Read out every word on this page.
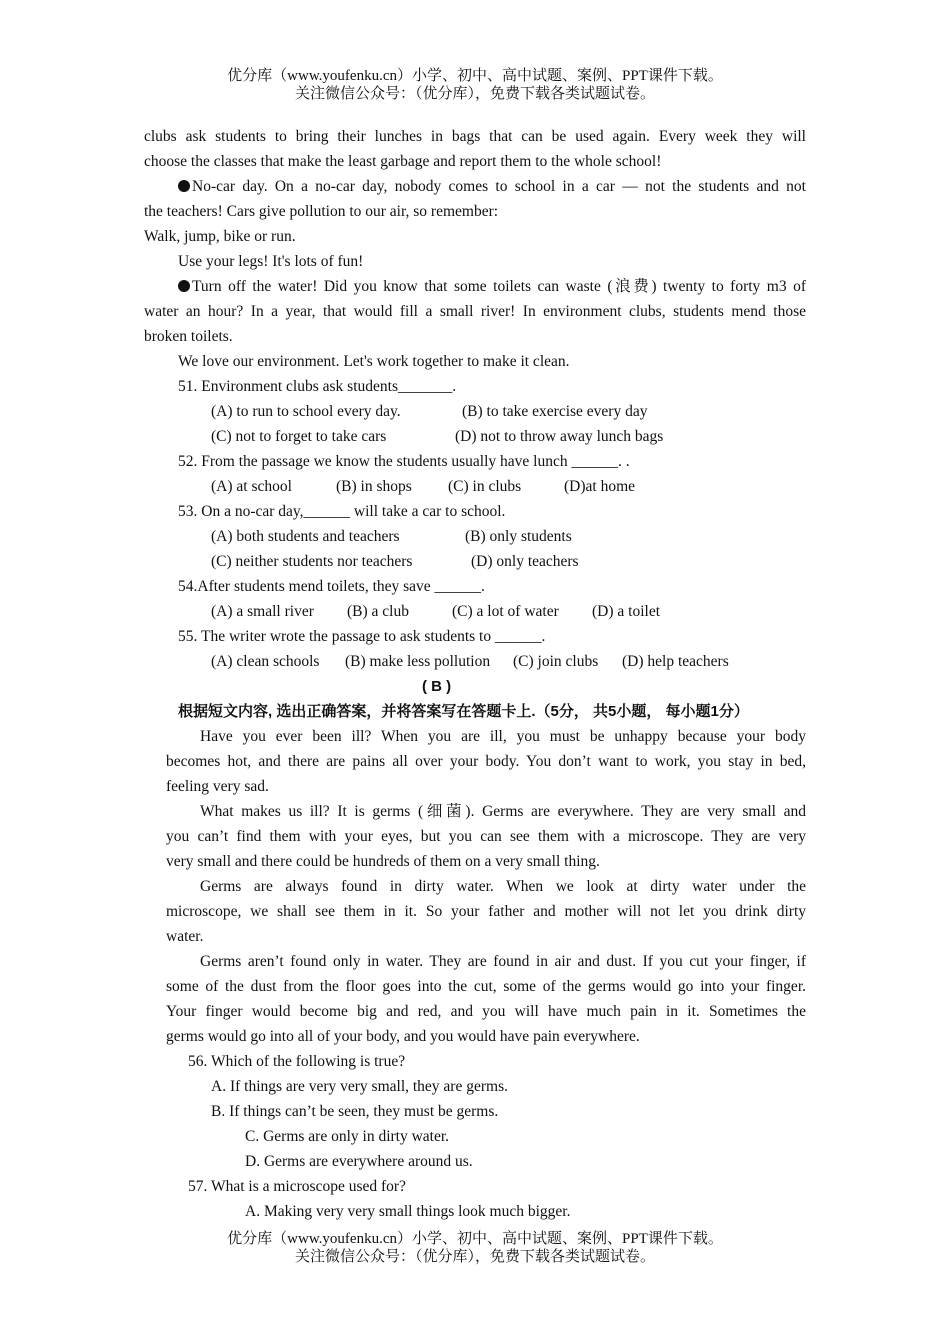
优分库（www.youfenku.cn）小学、初中、高中试题、案例、PPT课件下载。
关注微信公众号：（优分库），免费下载各类试题试卷。
clubs ask students to bring their lunches in bags that can be used again. Every week they will
choose the classes that make the least garbage and report them to the whole school!
No-car day. On a no-car day, nobody comes to school in a car — not the students and not
the teachers! Cars give pollution to our air, so remember:
Walk, jump, bike or run.
Use your legs! It's lots of fun!
Turn off the water! Did you know that some toilets can waste (浪费) twenty to forty m3 of
water an hour? In a year, that would fill a small river! In environment clubs, students mend those
broken toilets.
We love our environment. Let's work together to make it clean.
51. Environment clubs ask students_______.
(A) to run to school every day.	(B) to take exercise every day
(C) not to forget to take cars	(D) not to throw away lunch bags
52. From the passage we know the students usually have lunch ______. .
(A) at school	(B) in shops (C) in clubs	(D)at home
53. On a no-car day,______ will take a car to school.
(A) both students and teachers	(B) only students
(C) neither students nor teachers	(D) only teachers
54.After students mend toilets, they save ______.
(A) a small river (B) a club	(C) a lot of water (D) a toilet
55. The writer wrote the passage to ask students to ______.
(A) clean schools (B) make less pollution (C) join clubs (D) help teachers
( B )
根据短文内容, 选出正确答案，并将答案写在答题卡上.（5分， 共5小题， 每小题1分）
Have you ever been ill? When you are ill, you must be unhappy because your body
becomes hot, and there are pains all over your body. You don’t want to work, you stay in bed,
feeling very sad.
What makes us ill? It is germs (细菌). Germs are everywhere. They are very small and
you can’t find them with your eyes, but you can see them with a microscope. They are very
very small and there could be hundreds of them on a very small thing.
Germs are always found in dirty water. When we look at dirty water under the
microscope, we shall see them in it. So your father and mother will not let you drink dirty
water.
Germs aren’t found only in water. They are found in air and dust. If you cut your finger, if
some of the dust from the floor goes into the cut, some of the germs would go into your finger.
Your finger would become big and red, and you will have much pain in it. Sometimes the
germs would go into all of your body, and you would have pain everywhere.
56. Which of the following is true?
A. If things are very very small, they are germs.
B. If things can’t be seen, they must be germs.
C. Germs are only in dirty water.
D. Germs are everywhere around us.
57. What is a microscope used for?
A. Making very very small things look much bigger.
优分库（www.youfenku.cn）小学、初中、高中试题、案例、PPT课件下载。
关注微信公众号：（优分库），免费下载各类试题试卷。
